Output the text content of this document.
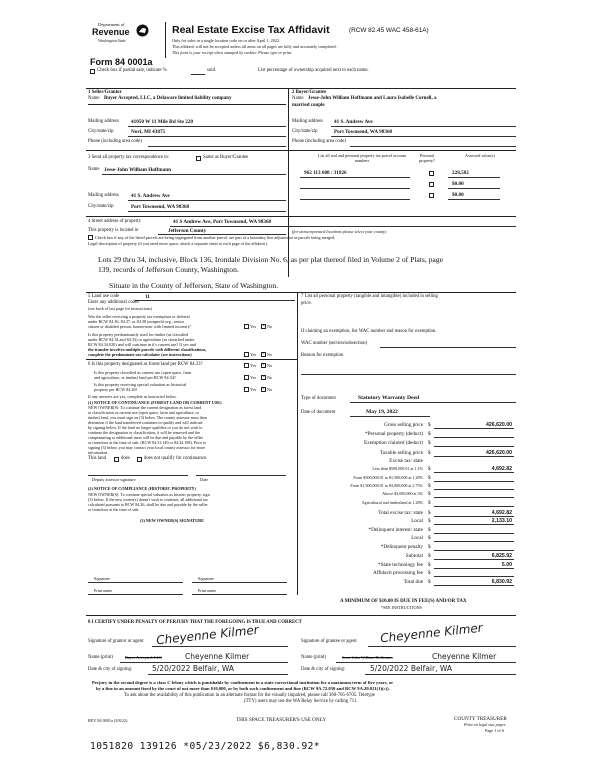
Department of
Revenue
Washington State
Real Estate Excise Tax Affidavit	(RCW 82.45 WAC 458-61A)
Only for sales in a single location code on or after April 1, 2022.
This affidavit will not be accepted unless all areas on all pages are fully and accurately completed.
This form is your receipt when stamped by cashier. Please type or print.
Form 84 0001a
Check box if partial sale, indicate %	sold.	List percentage of ownership acquired next to each name.
1 Seller/Grantor
Name Buyer Accepted, LLC, a Delaware limited liability company
Mailing address 41050 W 11 Mile Rd Ste 220
City/state/zip	Novi, MI 43875
Phone (including area code)
2 Buyer/Grantee
Name Jesse-John William Hoffmann and Laura Isabelle Cornell, a
married couple
Mailing address 41 S. Andrew Ave
City/state/zip	Port Townsend, WA 98368
Phone (including area code)
3 Send all property tax correspondence to:	Same as Buyer/Grantee
Name Jesse-John William Hoffmann
Mailing address 41 S. Andrew Ave
City/state/zip	Port Townsend, WA 98368
List all real and personal property tax parcel account numbers
Personal property?
Assessed value(s)
962 113 608 / 31826	228,582
$0.00
$0.00
4 Street address of property	41 S Andrew Ave, Port Townsend, WA 98368
This property is located in	Jefferson County	(for unincorporated locations please select your county)
Check box if any of the listed parcels are being segregated from another parcel, are part of a boundary line adjustment or parcels being merged.
Legal description of property (if you need more space, attach a separate sheet to each page of the affidavit).
Lots 29 thru 34, inclusive, Block 136, Irondale Division No. 6, as per plat thereof filed in Volume 2 of Plats, page
139, records of Jefferson County, Washington.
Situate in the County of Jefferson, State of Washington.
5 Land use code	11
Enter any additional codes
(see back of last page for instructions)
Was the seller receiving a property tax exemption or deferral
under RCW 84.36, 84.37, or 84.38 (nonprofit org., senior
citizen or disabled person, homeowner with limited income)?	Yes × No
Is this property predominantly used for timber (as classified
under RCW 84.34 and 84.33) or agriculture (as classified under
RCW 84.34.020) and will continue in it's current use? If yes and
the transfer involves multiple parcels with different classifications,
complete the predominate use calculator (see instructions)	Yes × No
6 Is this property designated as forest land per RCW 84.33?	Yes × No
Is this property classified as current use (open space, farm
and agriculture, or timber) land per RCW 84.34?	Yes × No
Is this property receiving special valuation as historical
property per RCW 84.26?	Yes × No
If any answers are yes, complete as instructed below.
(1) NOTICE OF CONTINUANCE (FOREST LAND OR CURRENT USE)
NEW OWNER(S): To continue the current designation as forest land
or classification as current use (open space, farm and agriculture, or
timber) land, you must sign on (3) below. The county assessor must then
determine if the land transferred continues to qualify and will indicate
by signing below. If the land no longer qualifies or you do not wish to
continue the designation or classification, it will be removed and the
compensating or additional taxes will be due and payable by the seller
or transferor at the time of sale. (RCW 84.33.140 or 84.34.108). Prior to
signing (3) below, you may contact your local county assessor for more
information.
This land	does	does not qualify for continuance.
Deputy assessor signature	Date
(2) NOTICE OF COMPLIANCE (HISTORIC PROPERTY)
NEW OWNER(S): To continue special valuation as historic property, sign
(3) below. If the new owner(s) doesn't wish to continue, all additional tax
calculated pursuant to RCW 84.26, shall be due and payable by the seller
or transferor at the time of sale.
(3) NEW OWNER(S) SIGNATURE
Signature	Signature
Print name	Print name
7 List all personal property (tangible and intangible) included in selling
price.
If claiming an exemption, list WAC number and reason for exemption.
WAC number (section/subsection)
Reason for exemption
Type of document	Statutory Warranty Deed
Date of document	May 19, 2022
Gross selling price $	426,620.00
*Personal property (deduct) $
Exemption claimed (deduct) $
Taxable selling price $	426,620.00
Excise tax: state
Less than $500,000.01 at 1.1% $	4,692.82
From $500,000.01 to $1,500,000 at 1.28% $
From $1,500,000.01 to $3,000,000 at 2.75% $
Above $3,000,000 at 3% $
Agricultural and timberland at 1.28% $
Total excise tax: state $	4,692.82
Local $	2,133.10
*Delinquent interest: state $
Local $
*Delinquent penalty $
Subtotal $	6,825.92
*State technology fee $	5.00
Affidavit processing fee $
Total due $	6,830.92
A MINIMUM OF $10.00 IS DUE IN FEE(S) AND/OR TAX
*SEE INSTRUCTIONS
8 I CERTIFY UNDER PENALTY OF PERJURY THAT THE FOREGOING IS TRUE AND CORRECT
Signature of grantor or agent Cheyenne Kilmer	Signature of grantee or agent Cheyenne Kilmer
Name (print)	Buyer Accepted, LLC	Cheyenne Kilmer	Name (print)	Jesse-John William Hoffmann	Cheyenne Kilmer
Date & city of signing:	5/20/2022 Belfair, WA	Date & city of signing:	5/20/2022 Belfair, WA
Perjury in the second degree is a class C felony which is punishable by confinement in a state correctional institution for a maximum term of five years, or
by a fine in an amount fixed by the court of not more than $10,000, or by both such confinement and fine (RCW 9A.72.030 and RCW 9A.20.021(1)(c)).
To ask about the availability of this publication in an alternate format for the visually impaired, please call 360-705-6705. Teletype
(TTY) users may use the WA Relay Service by calling 711.
REV 84 0001a (3/8/22)	THIS SPACE TREASURER'S USE ONLY	COUNTY TREASURER
Print on legal size paper.
Page 1 of 6
1051820 139126 *05/23/2022 $6,830.92*
